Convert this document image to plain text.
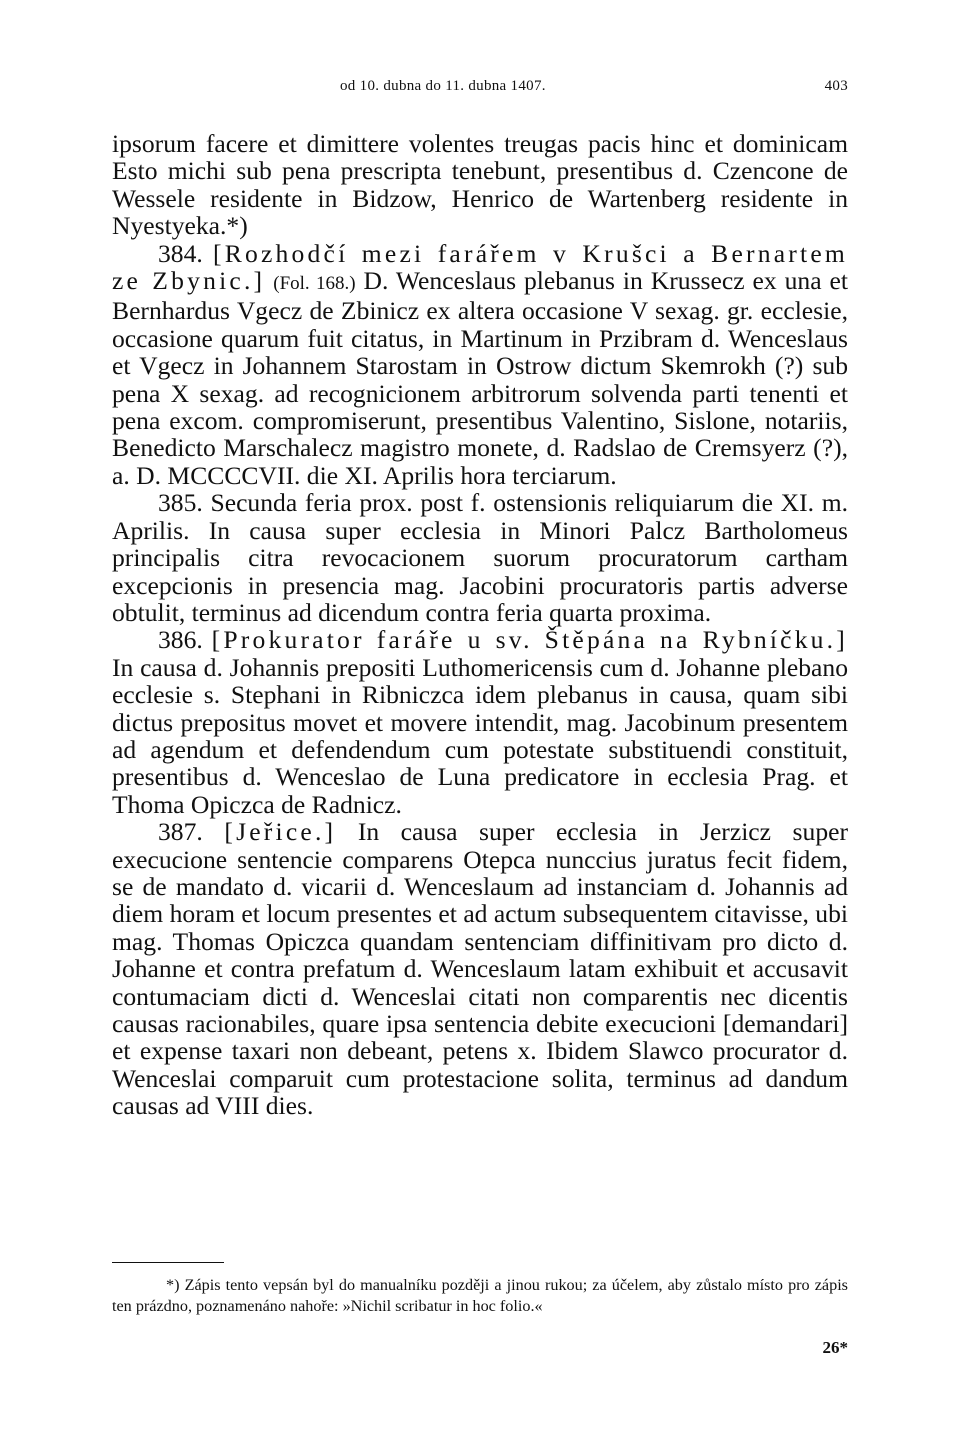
od 10. dubna do 11. dubna 1407.	403

ipsorum facere et dimittere volentes treugas pacis hinc et dominicam Esto michi sub pena prescripta tenebunt, presentibus d. Czencone de Wessele residente in Bidzow, Henrico de Wartenberg residente in Nyestyeka.*)

384. [Rozhodčí mezi farářem v Krušci a Bernartem ze Zbynic.] (Fol. 168.) D. Wenceslaus plebanus in Krussecz ex una et Bernhardus Vgecz de Zbinicz ex altera occasione V sexag. gr. ecclesie, occasione quarum fuit citatus, in Martinum in Przibram d. Wenceslaus et Vgecz in Johannem Starostam in Ostrow dictum Skemrokh (?) sub pena X sexag. ad recognicionem arbitrorum solvenda parti tenenti et pena excom. compromiserunt, presentibus Valentino, Sislone, notariis, Benedicto Marschalecz magistro monete, d. Radslao de Cremsyerz (?), a. D. MCCCCVII. die XI. Aprilis hora terciarum.

385. Secunda feria prox. post f. ostensionis reliquiarum die XI. m. Aprilis. In causa super ecclesia in Minori Palcz Bartholomeus principalis citra revocacionem suorum procuratorum cartham excepcionis in presencia mag. Jacobini procuratoris partis adverse obtulit, terminus ad dicendum contra feria quarta proxima.

386. [Prokurator faráře u sv. Štěpána na Rybníčku.] In causa d. Johannis prepositi Luthomericensis cum d. Johanne plebano ecclesie s. Stephani in Ribniczca idem plebanus in causa, quam sibi dictus prepositus movet et movere intendit, mag. Jacobinum presentem ad agendum et defendendum cum potestate substituendi constituit, presentibus d. Wenceslao de Luna predicatore in ecclesia Prag. et Thoma Opiczca de Radnicz.

387. [Jeřice.] In causa super ecclesia in Jerzicz super execucione sentencie comparens Otepca nunccius juratus fecit fidem, se de mandato d. vicarii d. Wenceslaum ad instanciam d. Johannis ad diem horam et locum presentes et ad actum subsequentem citavisse, ubi mag. Thomas Opiczca quandam sentenciam diffinitivam pro dicto d. Johanne et contra prefatum d. Wenceslaum latam exhibuit et accusavit contumaciam dicti d. Wenceslai citati non comparentis nec dicentis causas racionabiles, quare ipsa sentencia debite execucioni [demandari] et expense taxari non debeant, petens x. Ibidem Slawco procurator d. Wenceslai comparuit cum protestacione solita, terminus ad dandum causas ad VIII dies.

*) Zápis tento vepsán byl do manualníku později a jinou rukou; za účelem, aby zůstalo místo pro zápis ten prázdno, poznamenáno nahoře: »Nichil scribatur in hoc folio.«
26*
